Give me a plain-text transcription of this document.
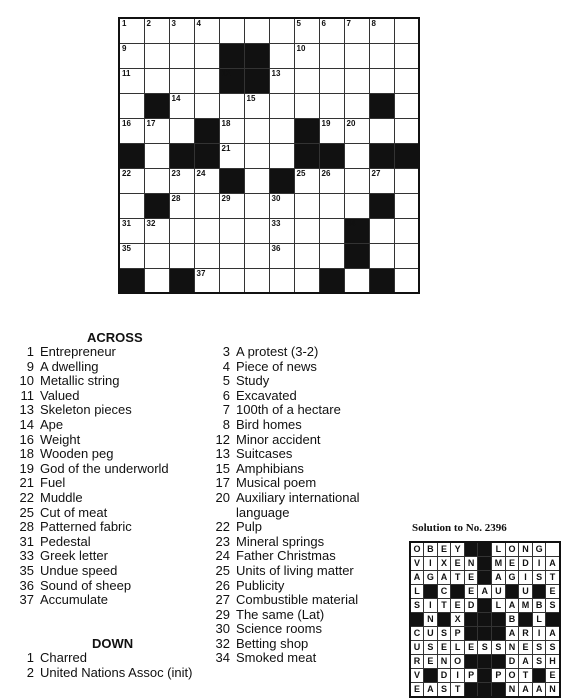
1	2	3	4				5	6	7	8	

9							10				

11				12		13					

		14			15						

16	17			18				19	20		

				21							

22		23	24				25	26		27	

		28		29		30					

31	32					33			34		

35						36					

			37								

ACROSS
1 Entrepreneur
9 A dwelling
10 Metallic string
11 Valued
13 Skeleton pieces
14 Ape
16 Weight
18 Wooden peg
19 God of the underworld
21 Fuel
22 Muddle
25 Cut of meat
28 Patterned fabric
31 Pedestal
33 Greek letter
35 Undue speed
36 Sound of sheep
37 Accumulate
DOWN
1 Charred
2 United Nations Assoc (init)
3 A protest (3-2)
4 Piece of news
5 Study
6 Excavated
7 100th of a hectare
8 Bird homes
12 Minor accident
13 Suitcases
15 Amphibians
17 Musical poem
20 Auxiliary international language
22 Pulp
23 Mineral springs
24 Father Christmas
25 Units of living matter
26 Publicity
27 Combustible material
29 The same (Lat)
30 Science rooms
32 Betting shop
34 Smoked meat
Solution to No. 2396
O	B	E	Y			L	O	N	G	
V	I	X	E	N		M	E	D	I	A
A	G	A	T	E		A	G	I	S	T
L		C		E	A	U		U		E
S	I	T	E	D		L	A	M	B	S
	N		X				B		L	
C	U	S	P				A	R	I	A
U	S	E	L	E	S	S	N	E	S	S
R	E	N	O				D	A	S	H
V		D	I	P		P	O	T		E
E	A	S	T				N	A	A	N
